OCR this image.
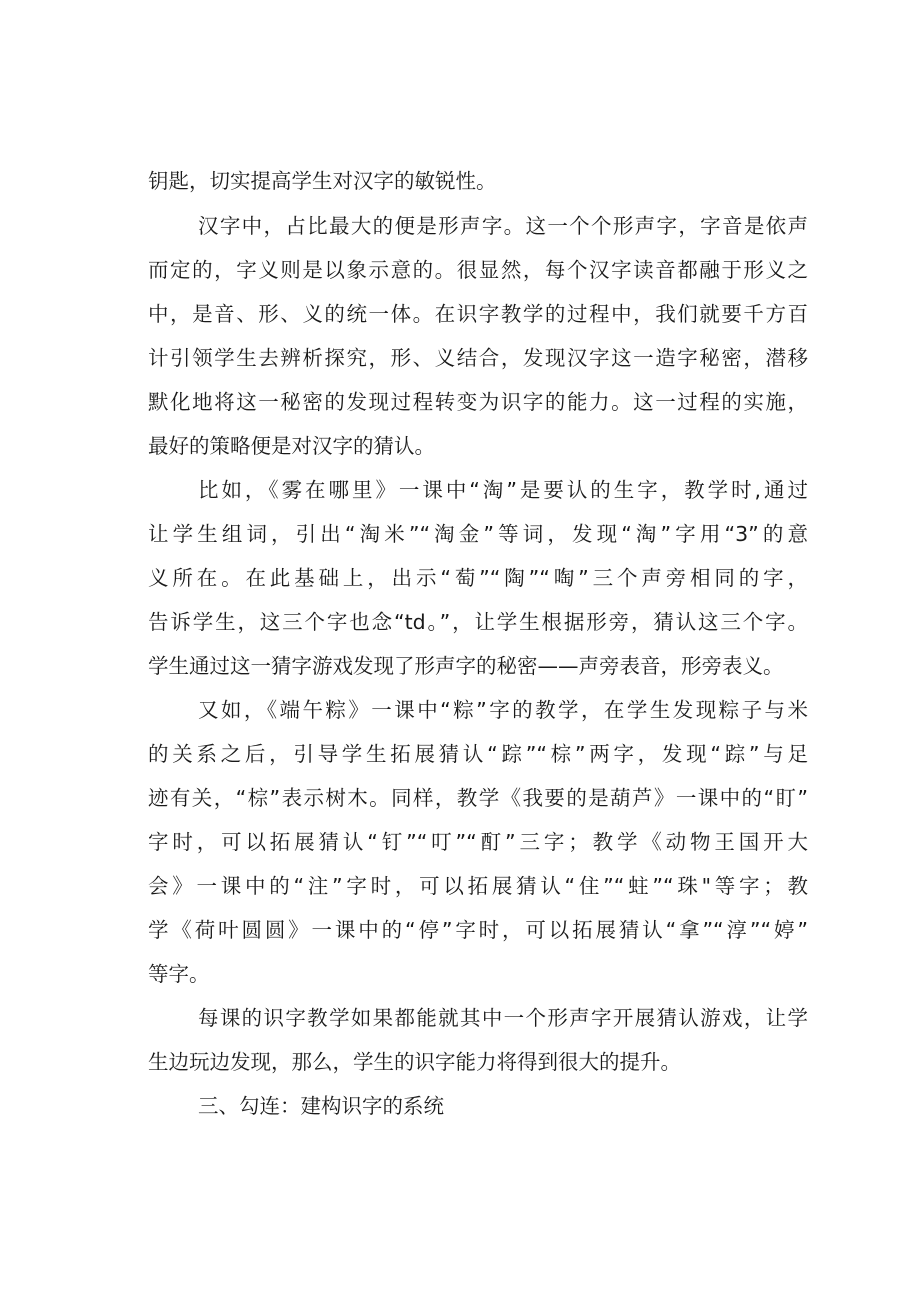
钥匙，切实提高学生对汉字的敏锐性。
汉字中，占比最大的便是形声字。这一个个形声字，字音是依声
而定的，字义则是以象示意的。很显然，每个汉字读音都融于形义之
中，是音、形、义的统一体。在识字教学的过程中，我们就要千方百
计引领学生去辨析探究，形、义结合，发现汉字这一造字秘密，潜移
默化地将这一秘密的发现过程转变为识字的能力。这一过程的实施，
最好的策略便是对汉字的猜认。
比如，《雾在哪里》一课中“淘”是要认的生字，教学时,通过
让学生组词，引出“淘米”“淘金”等词，发现“淘”字用“3”的意
义所在。在此基础上，出示“萄”“陶”“啕”三个声旁相同的字，
告诉学生，这三个字也念“td。”，让学生根据形旁，猜认这三个字。
学生通过这一猜字游戏发现了形声字的秘密——声旁表音，形旁表义。
又如，《端午粽》一课中“粽”字的教学，在学生发现粽子与米
的关系之后，引导学生拓展猜认“踪”“棕”两字，发现“踪”与足
迹有关，“棕”表示树木。同样，教学《我要的是葫芦》一课中的“盯”
字时，可以拓展猜认“钉”“叮”“酊”三字；教学《动物王国开大
会》一课中的“注”字时，可以拓展猜认“住”“蛀”“珠"等字；教
学《荷叶圆圆》一课中的“停”字时，可以拓展猜认“拿”“淳”“婷”
等字。
每课的识字教学如果都能就其中一个形声字开展猜认游戏，让学
生边玩边发现，那么，学生的识字能力将得到很大的提升。
三、勾连：建构识字的系统
